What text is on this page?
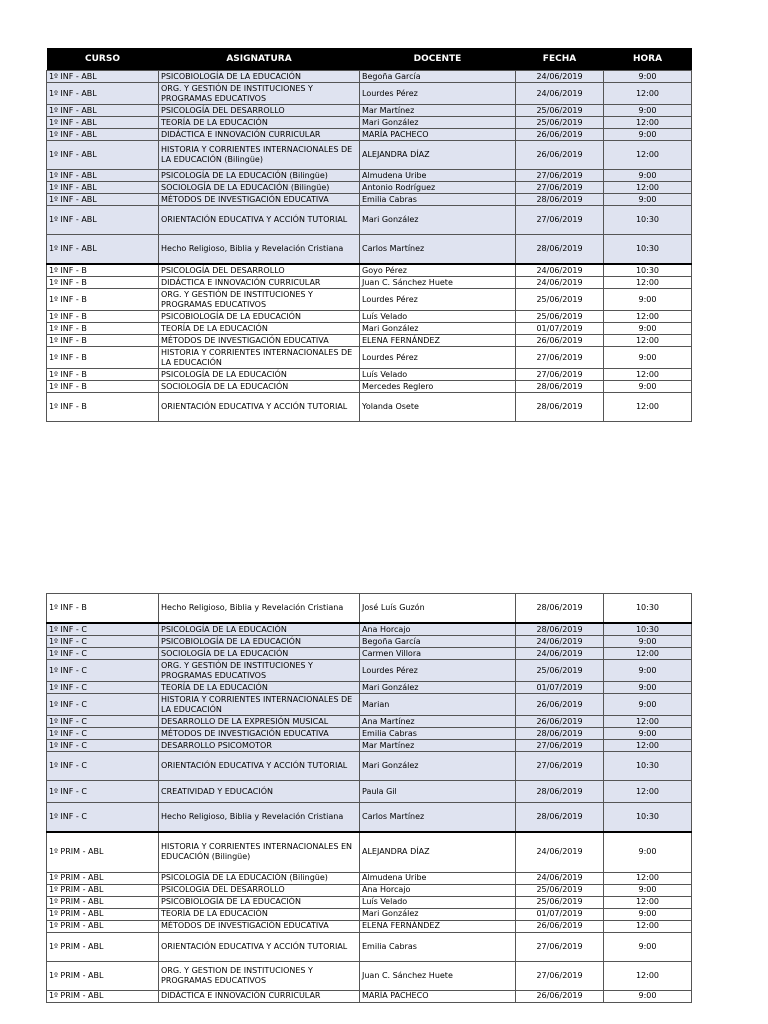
CURSO	ASIGNATURA	DOCENTE	FECHA	HORA
1º INF - ABL	PSICOBIOLOGÍA DE LA EDUCACIÓN	Begoña García	24/06/2019	9:00
1º INF - ABL	ORG. Y GESTIÓN DE INSTITUCIONES Y PROGRAMAS EDUCATIVOS	Lourdes Pérez	24/06/2019	12:00
1º INF - ABL	PSICOLOGÍA DEL DESARROLLO	Mar Martínez	25/06/2019	9:00
1º INF - ABL	TEORÍA DE LA EDUCACIÓN	Mari González	25/06/2019	12:00
1º INF - ABL	DIDÁCTICA E INNOVACIÓN CURRICULAR	MARÍA PACHECO	26/06/2019	9:00
1º INF - ABL	HISTORIA Y CORRIENTES INTERNACIONALES DE LA EDUCACIÓN (Bilingüe)	ALEJANDRA DÍAZ	26/06/2019	12:00
1º INF - ABL	PSICOLOGÍA DE LA EDUCACIÓN (Bilingüe)	Almudena Uribe	27/06/2019	9:00
1º INF - ABL	SOCIOLOGÍA DE LA EDUCACIÓN (Bilingüe)	Antonio Rodríguez	27/06/2019	12:00
1º INF - ABL	MÉTODOS DE INVESTIGACIÓN EDUCATIVA	Emilia Cabras	28/06/2019	9:00
1º INF - ABL	ORIENTACIÓN EDUCATIVA Y ACCIÓN TUTORIAL	Mari González	27/06/2019	10:30
1º INF - ABL	Hecho Religioso, Biblia y Revelación Cristiana	Carlos Martínez	28/06/2019	10:30
1º INF - B	PSICOLOGÍA DEL DESARROLLO	Goyo Pérez	24/06/2019	10:30
1º INF - B	DIDÁCTICA E INNOVACIÓN CURRICULAR	Juan C. Sánchez Huete	24/06/2019	12:00
1º INF - B	ORG. Y GESTIÓN DE INSTITUCIONES Y PROGRAMAS EDUCATIVOS	Lourdes Pérez	25/06/2019	9:00
1º INF - B	PSICOBIOLOGÍA DE LA EDUCACIÓN	Luís Velado	25/06/2019	12:00
1º INF - B	TEORÍA DE LA EDUCACIÓN	Mari González	01/07/2019	9:00
1º INF - B	MÉTODOS DE INVESTIGACIÓN EDUCATIVA	ELENA FERNÁNDEZ	26/06/2019	12:00
1º INF - B	HISTORIA Y CORRIENTES INTERNACIONALES DE LA EDUCACIÓN	Lourdes Pérez	27/06/2019	9:00
1º INF - B	PSICOLOGÍA DE LA EDUCACIÓN	Luís Velado	27/06/2019	12:00
1º INF - B	SOCIOLOGÍA DE LA EDUCACIÓN	Mercedes Reglero	28/06/2019	9:00
1º INF - B	ORIENTACIÓN EDUCATIVA Y ACCIÓN TUTORIAL	Yolanda Osete	28/06/2019	12:00
1º INF - B	Hecho Religioso, Biblia y Revelación Cristiana	José Luís Guzón	28/06/2019	10:30
1º INF - C	PSICOLOGÍA DE LA EDUCACIÓN	Ana Horcajo	28/06/2019	10:30
1º INF - C	PSICOBIOLOGÍA DE LA EDUCACIÓN	Begoña García	24/06/2019	9:00
1º INF - C	SOCIOLOGÍA DE LA EDUCACIÓN	Carmen Villora	24/06/2019	12:00
1º INF - C	ORG. Y GESTIÓN DE INSTITUCIONES Y PROGRAMAS EDUCATIVOS	Lourdes Pérez	25/06/2019	9:00
1º INF - C	TEORÍA DE LA EDUCACIÓN	Mari González	01/07/2019	9:00
1º INF - C	HISTORIA Y CORRIENTES INTERNACIONALES DE LA EDUCACIÓN	Marian	26/06/2019	9:00
1º INF - C	DESARROLLO DE LA EXPRESIÓN MUSICAL	Ana Martínez	26/06/2019	12:00
1º INF - C	MÉTODOS DE INVESTIGACIÓN EDUCATIVA	Emilia Cabras	28/06/2019	9:00
1º INF - C	DESARROLLO PSICOMOTOR	Mar Martínez	27/06/2019	12:00
1º INF - C	ORIENTACIÓN EDUCATIVA Y ACCIÓN TUTORIAL	Mari González	27/06/2019	10:30
1º INF - C	CREATIVIDAD Y EDUCACIÓN	Paula Gil	28/06/2019	12:00
1º INF - C	Hecho Religioso, Biblia y Revelación Cristiana	Carlos Martínez	28/06/2019	10:30
1º PRIM - ABL	HISTORIA Y CORRIENTES INTERNACIONALES EN EDUCACIÓN (Bilingüe)	ALEJANDRA DÍAZ	24/06/2019	9:00
1º PRIM - ABL	PSICOLOGÍA DE LA EDUCACIÓN (Bilingüe)	Almudena Uribe	24/06/2019	12:00
1º PRIM - ABL	PSICOLOGIA DEL DESARROLLO	Ana Horcajo	25/06/2019	9:00
1º PRIM - ABL	PSICOBIOLOGÍA DE LA EDUCACIÓN	Luís Velado	25/06/2019	12:00
1º PRIM - ABL	TEORÍA DE LA EDUCACIÓN	Mari González	01/07/2019	9:00
1º PRIM - ABL	MÉTODOS DE INVESTIGACIÓN EDUCATIVA	ELENA FERNÁNDEZ	26/06/2019	12:00
1º PRIM - ABL	ORIENTACIÓN EDUCATIVA Y ACCIÓN TUTORIAL	Emilia Cabras	27/06/2019	9:00
1º PRIM - ABL	ORG. Y GESTION DE INSTITUCIONES Y PROGRAMAS EDUCATIVOS	Juan C. Sánchez Huete	27/06/2019	12:00
1º PRIM - ABL	DIDÁCTICA E INNOVACIÓN CURRICULAR	MARÍA PACHECO	26/06/2019	9:00
